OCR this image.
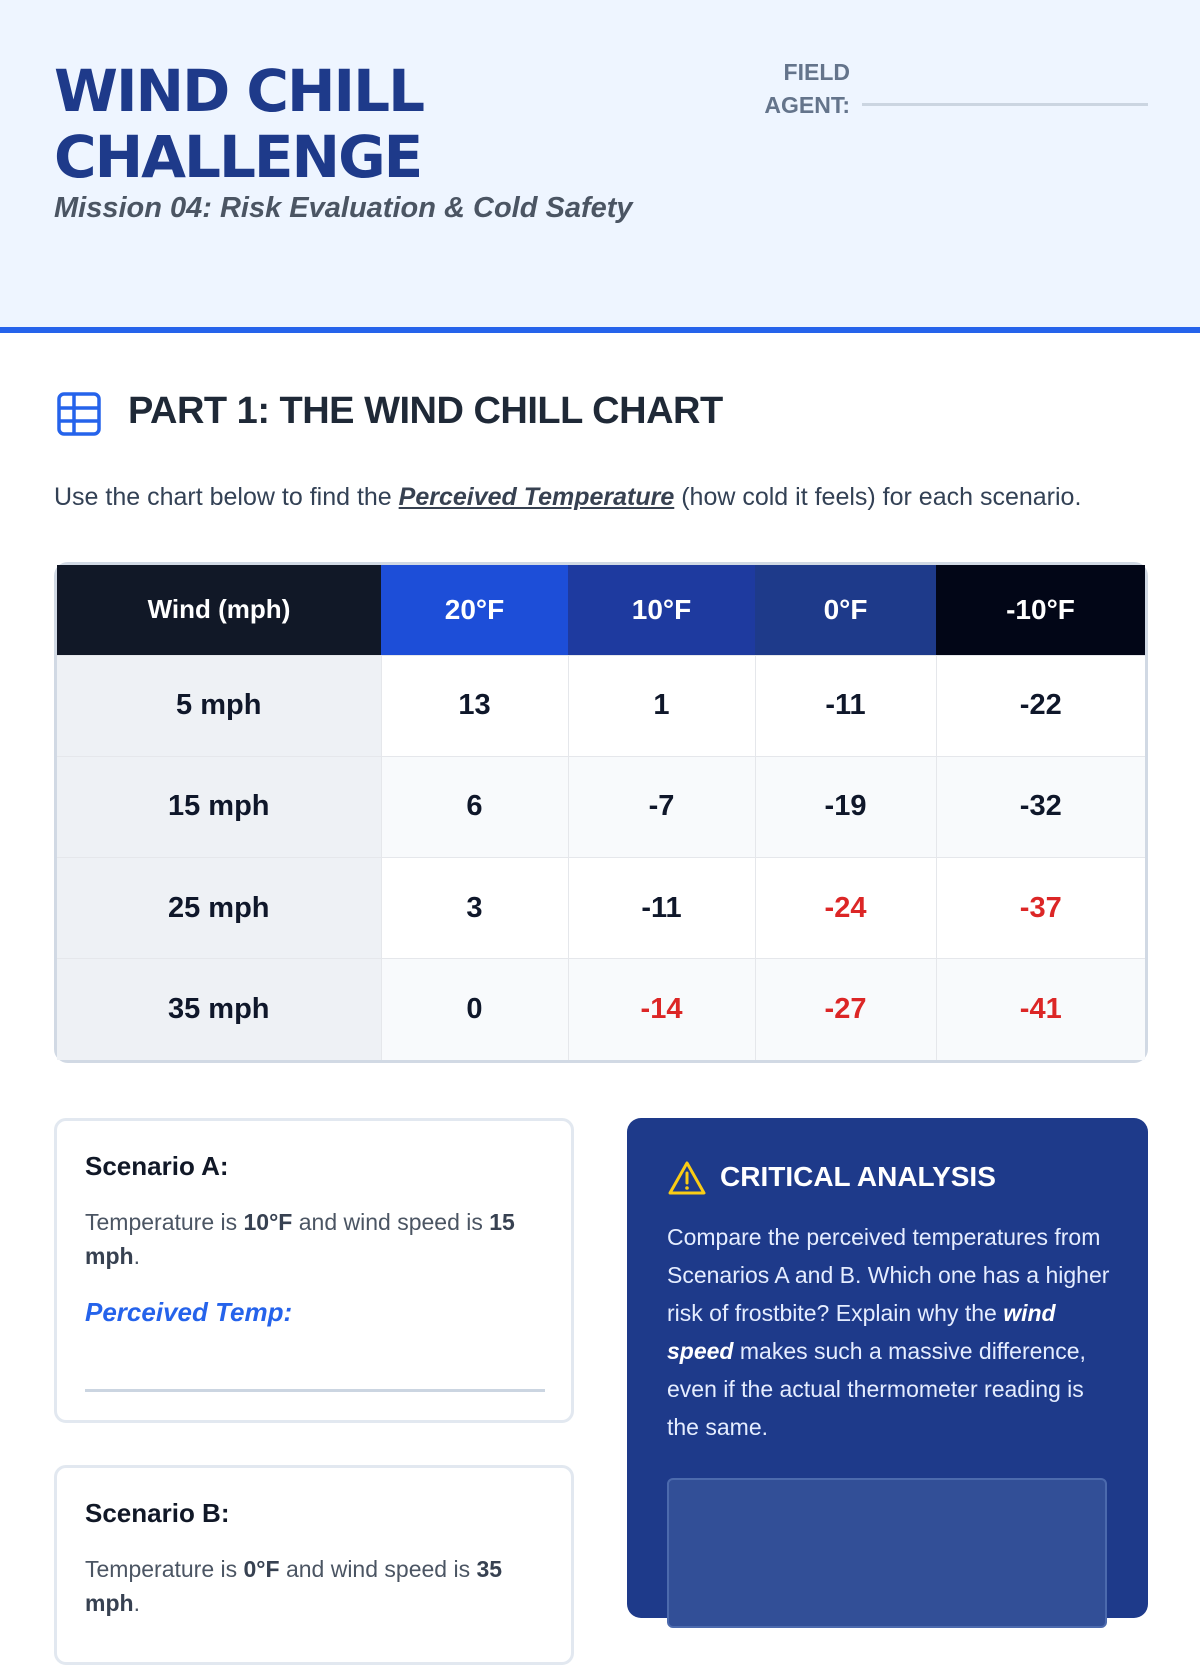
WIND CHILL
CHALLENGE
Mission 04: Risk Evaluation & Cold Safety
FIELD
AGENT:
PART 1: THE WIND CHILL CHART
Use the chart below to find the Perceived Temperature (how cold it feels) for each scenario.
Wind (mph)	20°F	10°F	0°F	-10°F
5 mph	13	1	-11	-22
15 mph	6	-7	-19	-32
25 mph	3	-11	-24	-37
35 mph	0	-14	-27	-41
Scenario A:
Temperature is 10°F and wind speed is 15 mph.
Perceived Temp:
Scenario B:
Temperature is 0°F and wind speed is 35 mph.
CRITICAL ANALYSIS
Compare the perceived temperatures from Scenarios A and B. Which one has a higher risk of frostbite? Explain why the wind speed makes such a massive difference, even if the actual thermometer reading is the same.
